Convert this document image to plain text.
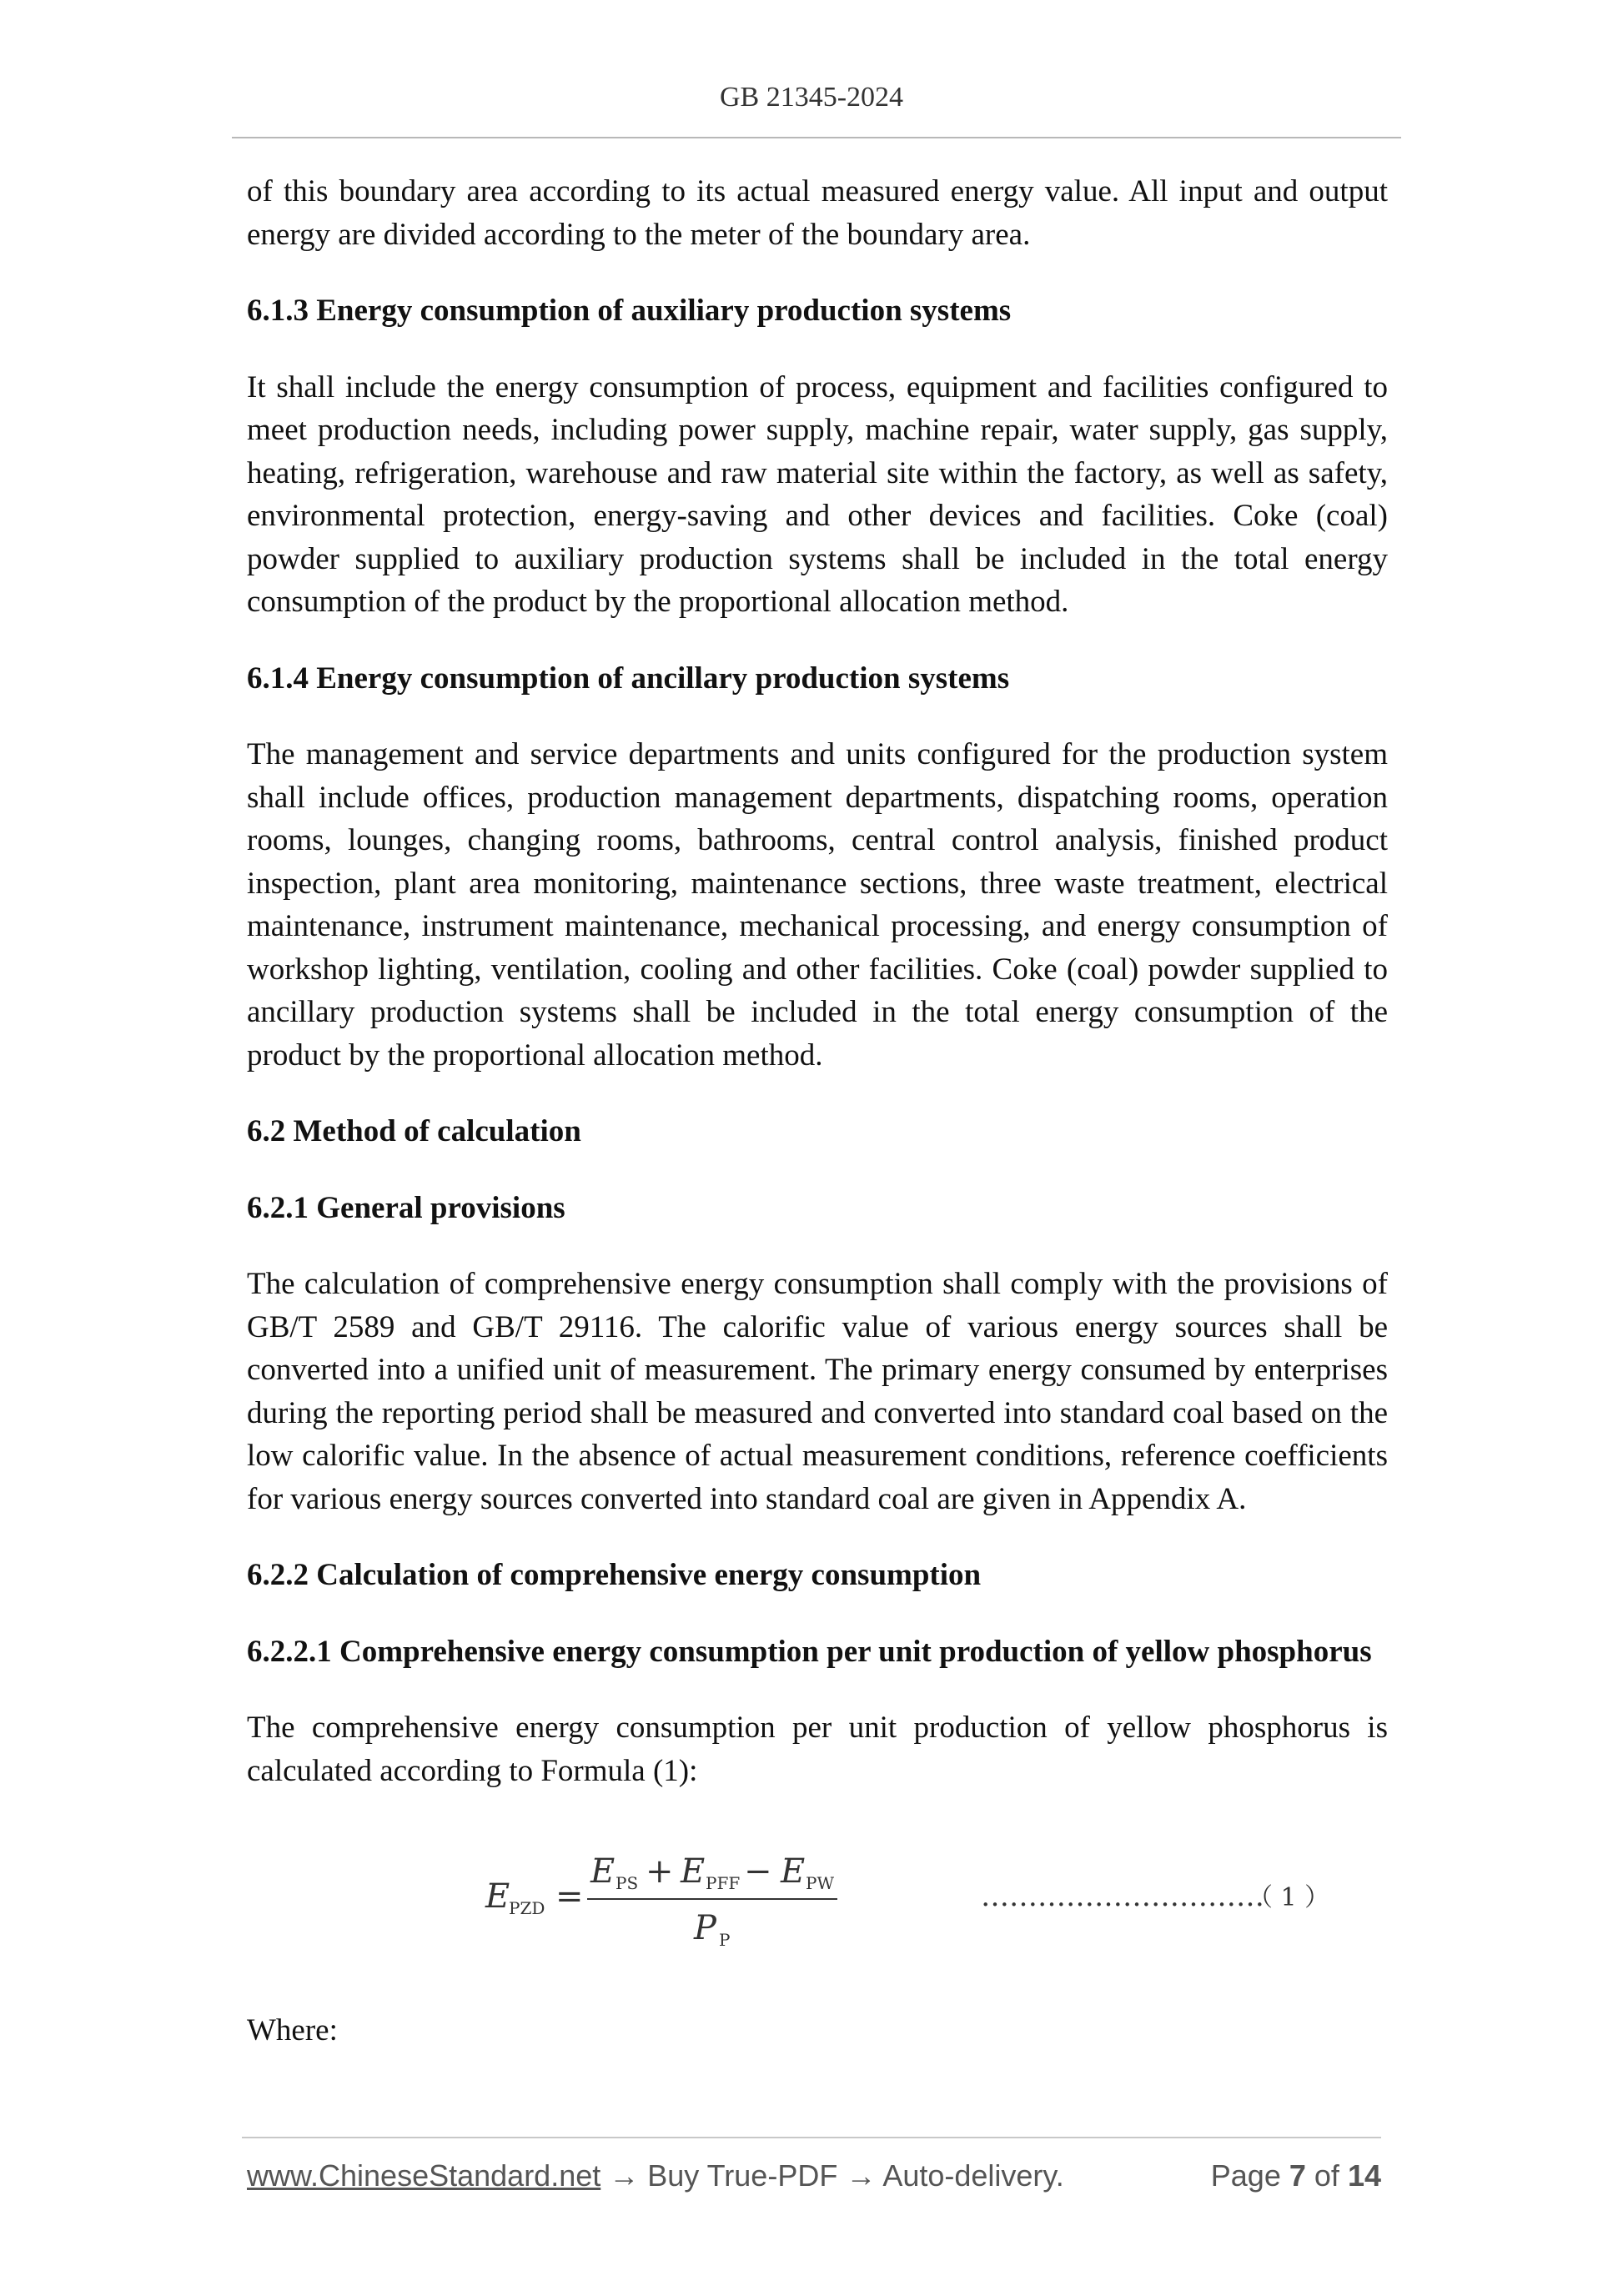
GB 21345-2024

of this boundary area according to its actual measured energy value. All input and output energy are divided according to the meter of the boundary area.

6.1.3 Energy consumption of auxiliary production systems

It shall include the energy consumption of process, equipment and facilities configured to meet production needs, including power supply, machine repair, water supply, gas supply, heating, refrigeration, warehouse and raw material site within the factory, as well as safety, environmental protection, energy-saving and other devices and facilities. Coke (coal) powder supplied to auxiliary production systems shall be included in the total energy consumption of the product by the proportional allocation method.

6.1.4 Energy consumption of ancillary production systems

The management and service departments and units configured for the production system shall include offices, production management departments, dispatching rooms, operation rooms, lounges, changing rooms, bathrooms, central control analysis, finished product inspection, plant area monitoring, maintenance sections, three waste treatment, electrical maintenance, instrument maintenance, mechanical processing, and energy consumption of workshop lighting, ventilation, cooling and other facilities. Coke (coal) powder supplied to ancillary production systems shall be included in the total energy consumption of the product by the proportional allocation method.

6.2 Method of calculation
6.2.1 General provisions

The calculation of comprehensive energy consumption shall comply with the provisions of GB/T 2589 and GB/T 29116. The calorific value of various energy sources shall be converted into a unified unit of measurement. The primary energy consumed by enterprises during the reporting period shall be measured and converted into standard coal based on the low calorific value. In the absence of actual measurement conditions, reference coefficients for various energy sources converted into standard coal are given in Appendix A.

6.2.2 Calculation of comprehensive energy consumption
6.2.2.1 Comprehensive energy consumption per unit production of yellow phosphorus

The comprehensive energy consumption per unit production of yellow phosphorus is calculated according to Formula (1):

E
PZD =
E PS + E PFF − E PW
P P
…………………………
（ 1 ）

Where:

www.ChineseStandard.net → Buy True-PDF → Auto-delivery.	Page 7 of 14
